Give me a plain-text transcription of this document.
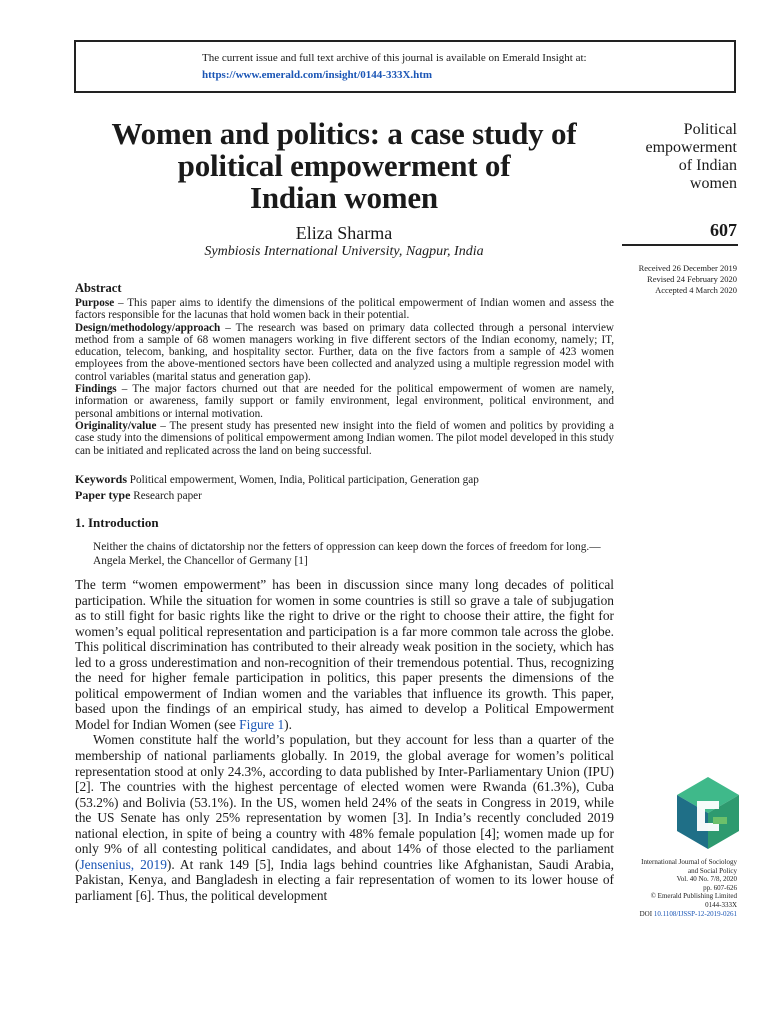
The current issue and full text archive of this journal is available on Emerald Insight at:
https://www.emerald.com/insight/0144-333X.htm
Women and politics: a case study of
political empowerment of
Indian women
Eliza Sharma
Symbiosis International University, Nagpur, India
Political
empowerment
of Indian
women
607
Received 26 December 2019
Revised 24 February 2020
Accepted 4 March 2020
Abstract

Purpose – This paper aims to identify the dimensions of the political empowerment of Indian women and assess the factors responsible for the lacunas that hold women back in their potential.

Design/methodology/approach – The research was based on primary data collected through a personal interview method from a sample of 68 women managers working in five different sectors of the Indian economy, namely; IT, education, telecom, banking, and hospitality sector. Further, data on the five factors from a sample of 423 women employees from the above-mentioned sectors have been collected and analyzed using a multiple regression model with control variables (marital status and generation gap).

Findings – The major factors churned out that are needed for the political empowerment of women are namely, information or awareness, family support or family environment, legal environment, political environment, and personal ambitions or internal motivation.

Originality/value – The present study has presented new insight into the field of women and politics by providing a case study into the dimensions of political empowerment among Indian women. The pilot model developed in this study can be initiated and replicated across the land on being successful.

Keywords Political empowerment, Women, India, Political participation, Generation gap
Paper type Research paper
1. Introduction

Neither the chains of dictatorship nor the fetters of oppression can keep down the forces of freedom for long.—Angela Merkel, the Chancellor of Germany [1]

The term “women empowerment” has been in discussion since many long decades of political participation. While the situation for women in some countries is still so grave a tale of subjugation as to still fight for basic rights like the right to drive or the right to choose their attire, the fight for women’s equal political representation and participation is a far more common tale across the globe. This political discrimination has contributed to their already weak position in the society, which has led to a gross underestimation and non-recognition of their tremendous potential. Thus, recognizing the need for higher female participation in politics, this paper presents the dimensions of the political empowerment of Indian women and the variables that influence its growth. This paper, based upon the findings of an empirical study, has aimed to develop a Political Empowerment Model for Indian Women (see Figure 1).

Women constitute half the world’s population, but they account for less than a quarter of the membership of national parliaments globally. In 2019, the global average for women’s political representation stood at only 24.3%, according to data published by Inter-Parliamentary Union (IPU) [2]. The countries with the highest percentage of elected women were Rwanda (61.3%), Cuba (53.2%) and Bolivia (53.1%). In the US, women held 24% of the seats in Congress in 2019, while the US Senate has only 25% representation by women [3]. In India’s recently concluded 2019 national election, in spite of being a country with 48% female population [4]; women made up for only 9% of all contesting political candidates, and about 14% of those elected to the parliament (Jensenius, 2019). At rank 149 [5], India lags behind countries like Afghanistan, Saudi Arabia, Pakistan, Kenya, and Bangladesh in electing a fair representation of women to its lower house of parliament [6]. Thus, the political development

International Journal of Sociology
and Social Policy
Vol. 40 No. 7/8, 2020
pp. 607-626
© Emerald Publishing Limited
0144-333X
DOI 10.1108/IJSSP-12-2019-0261
